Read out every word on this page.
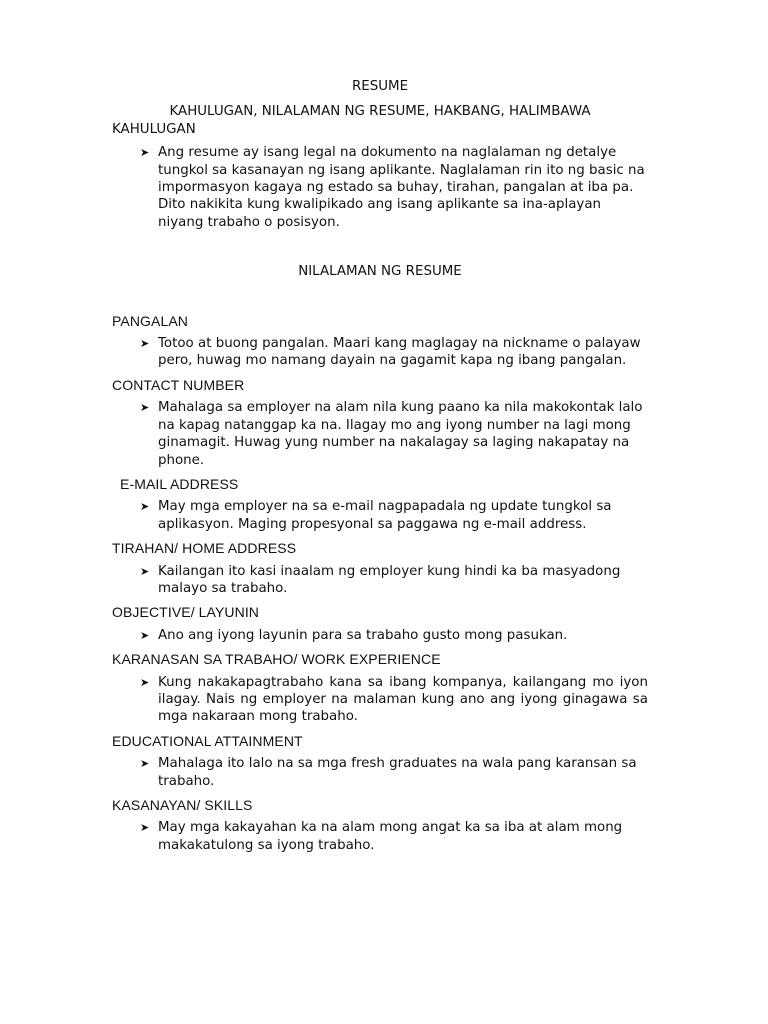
RESUME

KAHULUGAN, NILALAMAN NG RESUME, HAKBANG, HALIMBAWA

KAHULUGAN

➤ Ang resume ay isang legal na dokumento na naglalaman ng detalye tungkol sa kasanayan ng isang aplikante. Naglalaman rin ito ng basic na impormasyon kagaya ng estado sa buhay, tirahan, pangalan at iba pa. Dito nakikita kung kwalipikado ang isang aplikante sa ina-aplayan niyang trabaho o posisyon.

NILALAMAN NG RESUME

PANGALAN

➤ Totoo at buong pangalan. Maari kang maglagay na nickname o palayaw pero, huwag mo namang dayain na gagamit kapa ng ibang pangalan.

CONTACT NUMBER

➤ Mahalaga sa employer na alam nila kung paano ka nila makokontak lalo na kapag natanggap ka na. Ilagay mo ang iyong number na lagi mong ginamagit. Huwag yung number na nakalagay sa laging nakapatay na phone.

E-MAIL ADDRESS

➤ May mga employer na sa e-mail nagpapadala ng update tungkol sa aplikasyon. Maging propesyonal sa paggawa ng e-mail address.

TIRAHAN/ HOME ADDRESS

➤ Kailangan ito kasi inaalam ng employer kung hindi ka ba masyadong malayo sa trabaho.

OBJECTIVE/ LAYUNIN

➤ Ano ang iyong layunin para sa trabaho gusto mong pasukan.

KARANASAN SA TRABAHO/ WORK EXPERIENCE

➤ Kung nakakapagtrabaho kana sa ibang kompanya, kailangang mo iyon ilagay. Nais ng employer na malaman kung ano ang iyong ginagawa sa mga nakaraan mong trabaho.

EDUCATIONAL ATTAINMENT

➤ Mahalaga ito lalo na sa mga fresh graduates na wala pang karansan sa trabaho.

KASANAYAN/ SKILLS

➤ May mga kakayahan ka na alam mong angat ka sa iba at alam mong makakatulong sa iyong trabaho.
